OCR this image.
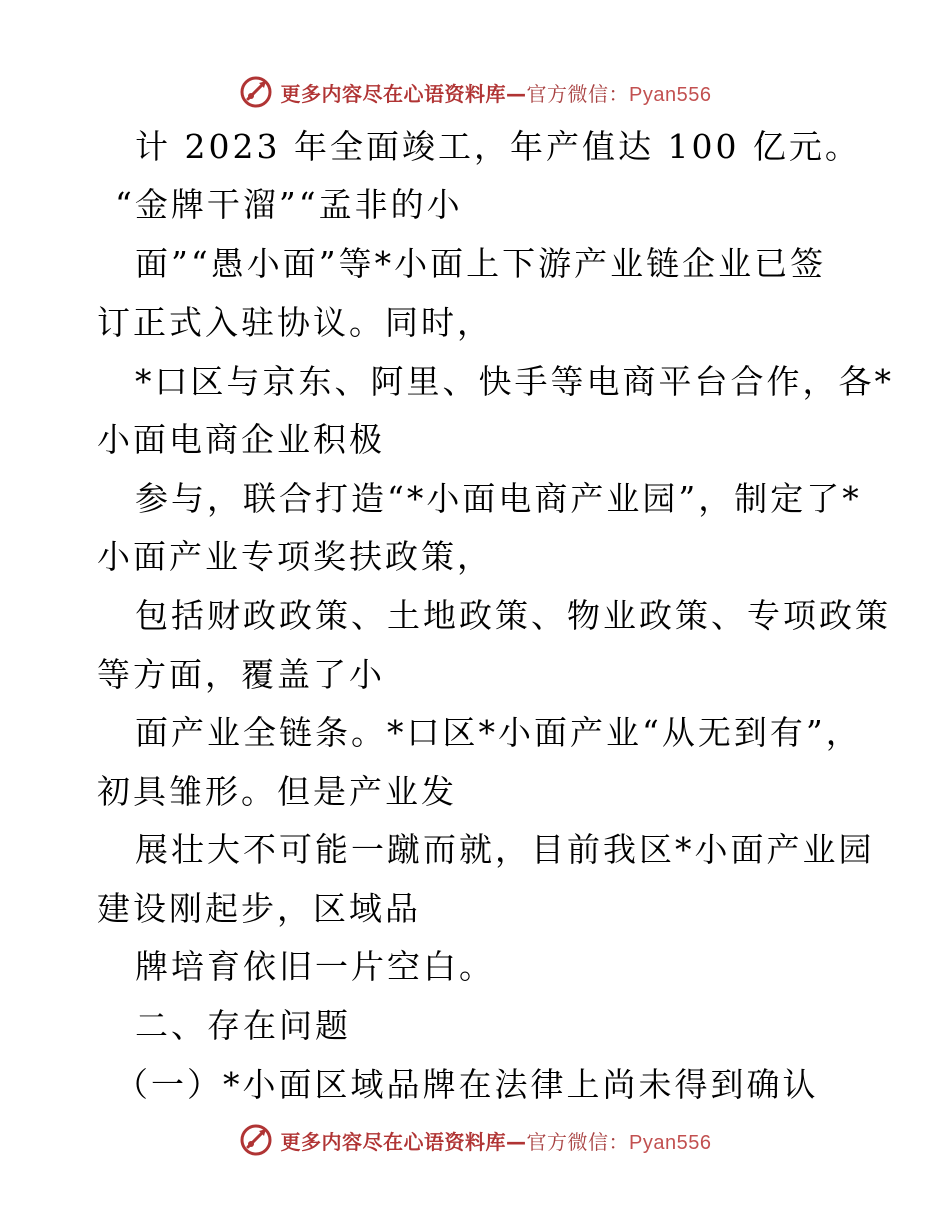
更多内容尽在心语资料库—官方微信：Pyan556
计 2023 年全面竣工，年产值达 100 亿元。
“金牌干溜”“孟非的小
面”“愚小面”等*小面上下游产业链企业已签
订正式入驻协议。同时，
*口区与京东、阿里、快手等电商平台合作，各*
小面电商企业积极
参与，联合打造“*小面电商产业园”，制定了*
小面产业专项奖扶政策，
包括财政政策、土地政策、物业政策、专项政策
等方面，覆盖了小
面产业全链条。*口区*小面产业“从无到有”，
初具雏形。但是产业发
展壮大不可能一蹴而就，目前我区*小面产业园
建设刚起步，区域品
牌培育依旧一片空白。
二、存在问题
（一）*小面区域品牌在法律上尚未得到确认
更多内容尽在心语资料库—官方微信：Pyan556
